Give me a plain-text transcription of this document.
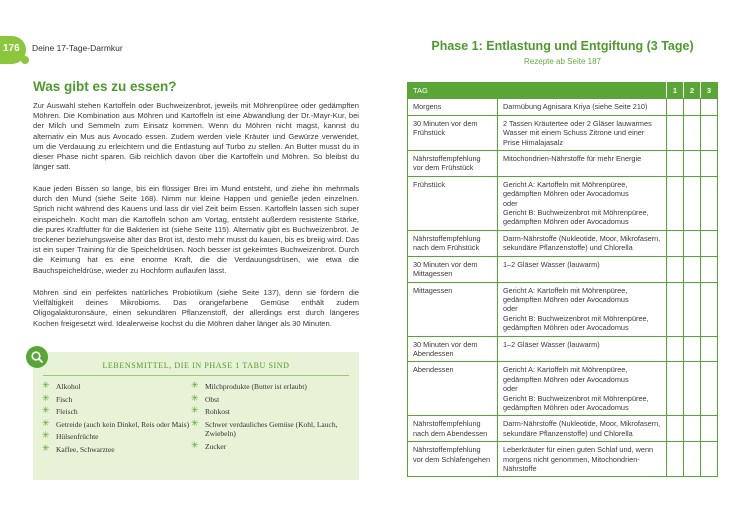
176 Deine 17-Tage-Darmkur
Was gibt es zu essen?

Zur Auswahl stehen Kartoffeln oder Buchweizenbrot, jeweils mit Möhrenpüree oder gedämpften Möhren. Die Kombination aus Möhren und Kartoffeln ist eine Abwandlung der Dr.-Mayr-Kur, bei der Milch und Semmeln zum Einsatz kommen. Wenn du Möhren nicht magst, kannst du alternativ ein Mus aus Avocado essen. Zudem werden viele Kräuter und Gewürze verwendet, um die Verdauung zu erleichtern und die Entlastung auf Turbo zu stellen. An Butter musst du in dieser Phase nicht sparen. Gib reichlich davon über die Kartoffeln und Möhren. So bleibst du länger satt.

Kaue jeden Bissen so lange, bis ein flüssiger Brei im Mund entsteht, und ziehe ihn mehrmals durch den Mund (siehe Seite 168). Nimm nur kleine Happen und genieße jeden einzelnen. Sprich nicht während des Kauens und lass dir viel Zeit beim Essen. Kartoffeln lassen sich super einspeicheln. Kocht man die Kartoffeln schon am Vortag, entsteht außerdem resistente Stärke, die pures Kraftfutter für die Bakterien ist (siehe Seite 115). Alternativ gibt es Buchweizenbrot. Je trockener beziehungsweise älter das Brot ist, desto mehr musst du kauen, bis es breiig wird. Das ist ein super Training für die Speicheldrüsen. Noch besser ist gekeimtes Buchweizenbrot. Durch die Keimung hat es eine enorme Kraft, die die Verdauungsdrüsen, wie etwa die Bauchspeicheldrüse, wieder zu Hochform auflaufen lässt.

Möhren sind ein perfektes natürliches Probiotikum (siehe Seite 137), denn sie fördern die Vielfältigkeit deines Mikrobioms. Das orangefarbene Gemüse enthält zudem Oligogalakturonsäure, einen sekundären Pflanzenstoff, der allerdings erst durch längeres Kochen freigesetzt wird. Idealerweise kochst du die Möhren daher länger als 30 Minuten.

LEBENSMITTEL, DIE IN PHASE 1 TABU SIND
✳ Alkohol
✳ Fisch
✳ Fleisch
✳ Getreide (auch kein Dinkel, Reis oder Mais)
✳ Hülsenfrüchte
✳ Kaffee, Schwarztee
✳ Milchprodukte (Butter ist erlaubt)
✳ Obst
✳ Rohkost
✳ Schwer verdauliches Gemüse (Kohl, Lauch, Zwiebeln)
✳ Zucker
Phase 1: Entlastung und Entgiftung (3 Tage)
Rezepte ab Seite 187
TAG		1	2	3
Morgens	Darmübung Agnisara Kriya (siehe Seite 210)			
30 Minuten vor dem Frühstück	2 Tassen Kräutertee oder 2 Gläser lauwarmes Wasser mit einem Schuss Zitrone und einer Prise Himalajasalz			
Nährstoffempfehlung vor dem Frühstück	Mitochondrien-Nährstoffe für mehr Energie			
Frühstück	Gericht A: Kartoffeln mit Möhrenpüree, gedämpften Möhren oder Avocadomus
oder
Gericht B: Buchweizenbrot mit Möhrenpüree, gedämpften Möhren oder Avocadomus			
Nährstoffempfehlung nach dem Frühstück	Darm-Nährstoffe (Nukleotide, Moor, Mikrofasern, sekundäre Pflanzenstoffe) und Chlorella			
30 Minuten vor dem Mittagessen	1–2 Gläser Wasser (lauwarm)			
Mittagessen	Gericht A: Kartoffeln mit Möhrenpüree, gedämpften Möhren oder Avocadomus
oder
Gericht B: Buchweizenbrot mit Möhrenpüree, gedämpften Möhren oder Avocadomus			
30 Minuten vor dem Abendessen	1–2 Gläser Wasser (lauwarm)			
Abendessen	Gericht A: Kartoffeln mit Möhrenpüree, gedämpften Möhren oder Avocadomus
oder
Gericht B: Buchweizenbrot mit Möhrenpüree, gedämpften Möhren oder Avocadomus			
Nährstoffempfehlung nach dem Abendessen	Darm-Nährstoffe (Nukleotide, Moor, Mikrofasern, sekundäre Pflanzenstoffe) und Chlorella			
Nährstoffempfehlung vor dem Schlafengehen	Leberkräuter für einen guten Schlaf und, wenn morgens nicht genommen, Mitochondrien-Nährstoffe			
